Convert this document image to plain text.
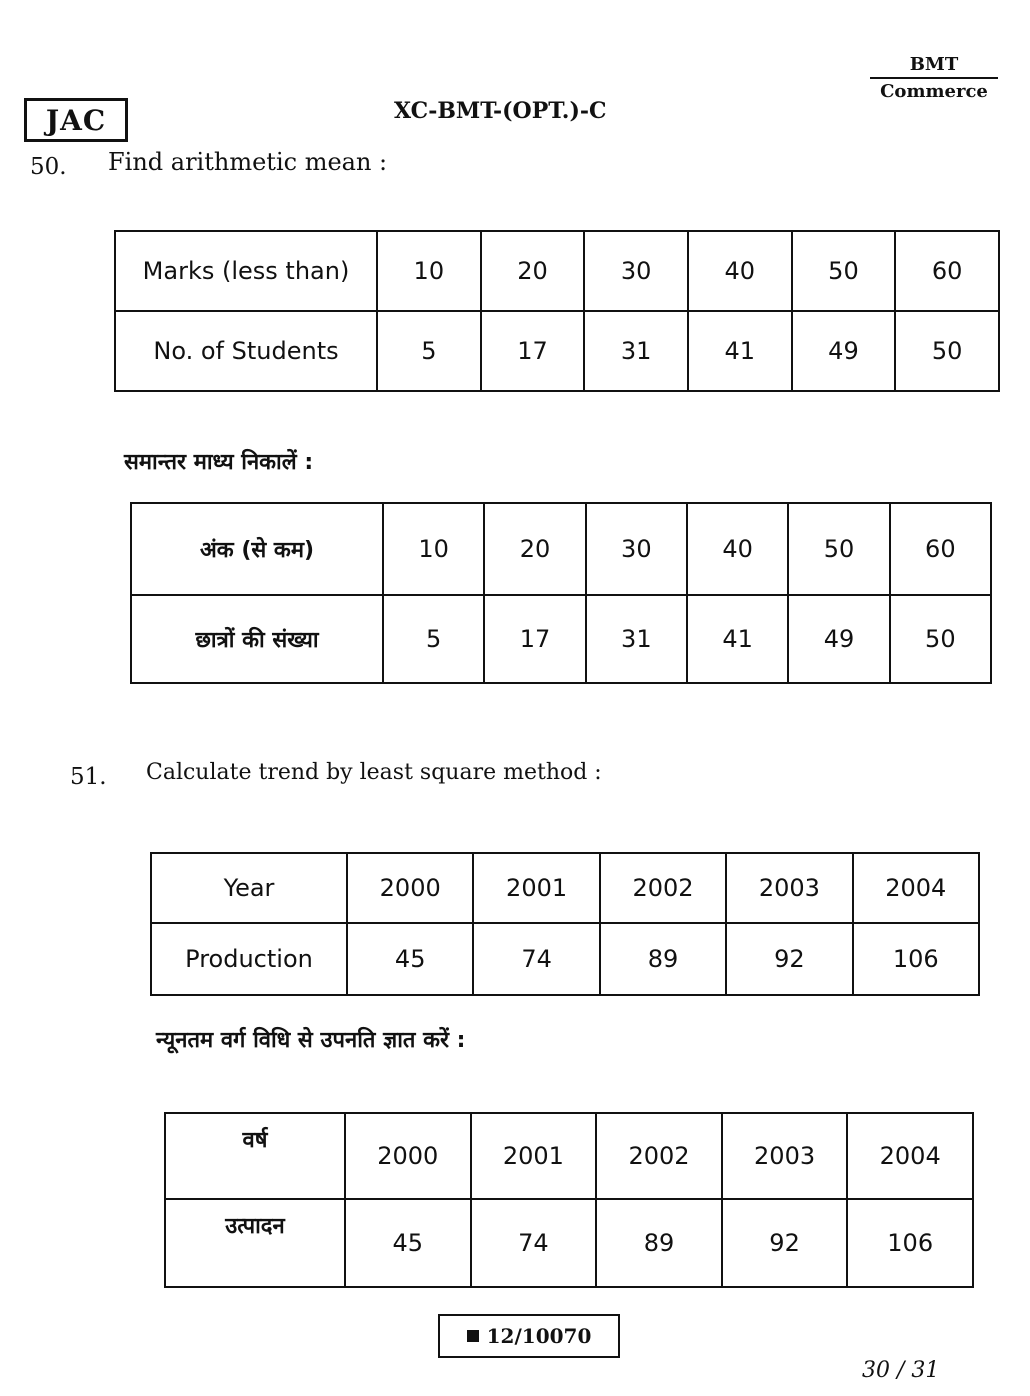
JAC	XC-BMT-(OPT.)-C
BMT
Commerce
50. Find arithmetic mean :
Marks (less than)	10	20	30	40	50	60
No. of Students	5	17	31	41	49	50
समान्तर माध्य निकालें :
अंक (से कम)	10	20	30	40	50	60
छात्रों की संख्या	5	17	31	41	49	50
51. Calculate trend by least square method :
Year	2000	2001	2002	2003	2004
Production	45	74	89	92	106
न्यूनतम वर्ग विधि से उपनति ज्ञात करें :
वर्ष	2000	2001	2002	2003	2004
उत्पादन	45	74	89	92	106
12/10070
30 / 31
